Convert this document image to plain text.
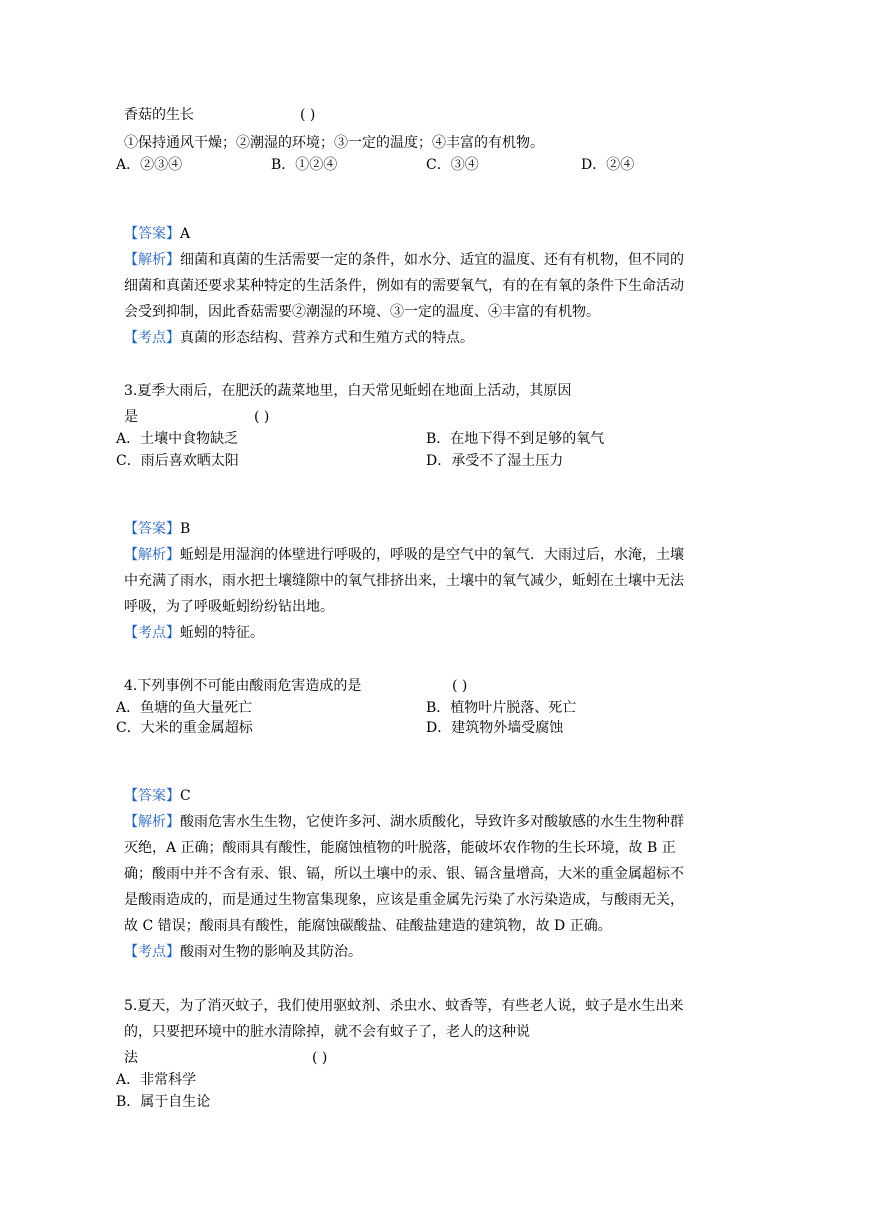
香菇的生长	( )
①保持通风干燥；②潮湿的环境；③一定的温度；④丰富的有机物。
A．②③④	B．①②④	C．③④	D．②④
【答案】A
【解析】细菌和真菌的生活需要一定的条件，如水分、适宜的温度、还有有机物，但不同的
细菌和真菌还要求某种特定的生活条件，例如有的需要氧气，有的在有氧的条件下生命活动
会受到抑制，因此香菇需要②潮湿的环境、③一定的温度、④丰富的有机物。
【考点】真菌的形态结构、营养方式和生殖方式的特点。
3.夏季大雨后，在肥沃的蔬菜地里，白天常见蚯蚓在地面上活动，其原因
是	( )
A．土壤中食物缺乏	B．在地下得不到足够的氧气
C．雨后喜欢晒太阳	D．承受不了湿土压力
【答案】B
【解析】蚯蚓是用湿润的体壁进行呼吸的，呼吸的是空气中的氧气．大雨过后，水淹，土壤
中充满了雨水，雨水把土壤缝隙中的氧气排挤出来，土壤中的氧气减少，蚯蚓在土壤中无法
呼吸，为了呼吸蚯蚓纷纷钻出地。
【考点】蚯蚓的特征。
4.下列事例不可能由酸雨危害造成的是	( )
A．鱼塘的鱼大量死亡	B．植物叶片脱落、死亡
C．大米的重金属超标	D．建筑物外墙受腐蚀
【答案】C
【解析】酸雨危害水生生物，它使许多河、湖水质酸化，导致许多对酸敏感的水生生物种群
灭绝，A 正确；酸雨具有酸性，能腐蚀植物的叶脱落，能破坏农作物的生长环境，故 B 正
确；酸雨中并不含有汞、银、镉，所以土壤中的汞、银、镉含量增高，大米的重金属超标不
是酸雨造成的，而是通过生物富集现象，应该是重金属先污染了水污染造成，与酸雨无关，
故 C 错误；酸雨具有酸性，能腐蚀碳酸盐、硅酸盐建造的建筑物，故 D 正确。
【考点】酸雨对生物的影响及其防治。
5.夏天，为了消灭蚊子，我们使用驱蚊剂、杀虫水、蚊香等，有些老人说，蚊子是水生出来
的，只要把环境中的脏水清除掉，就不会有蚊子了，老人的这种说
法	( )
A．非常科学
B．属于自生论
